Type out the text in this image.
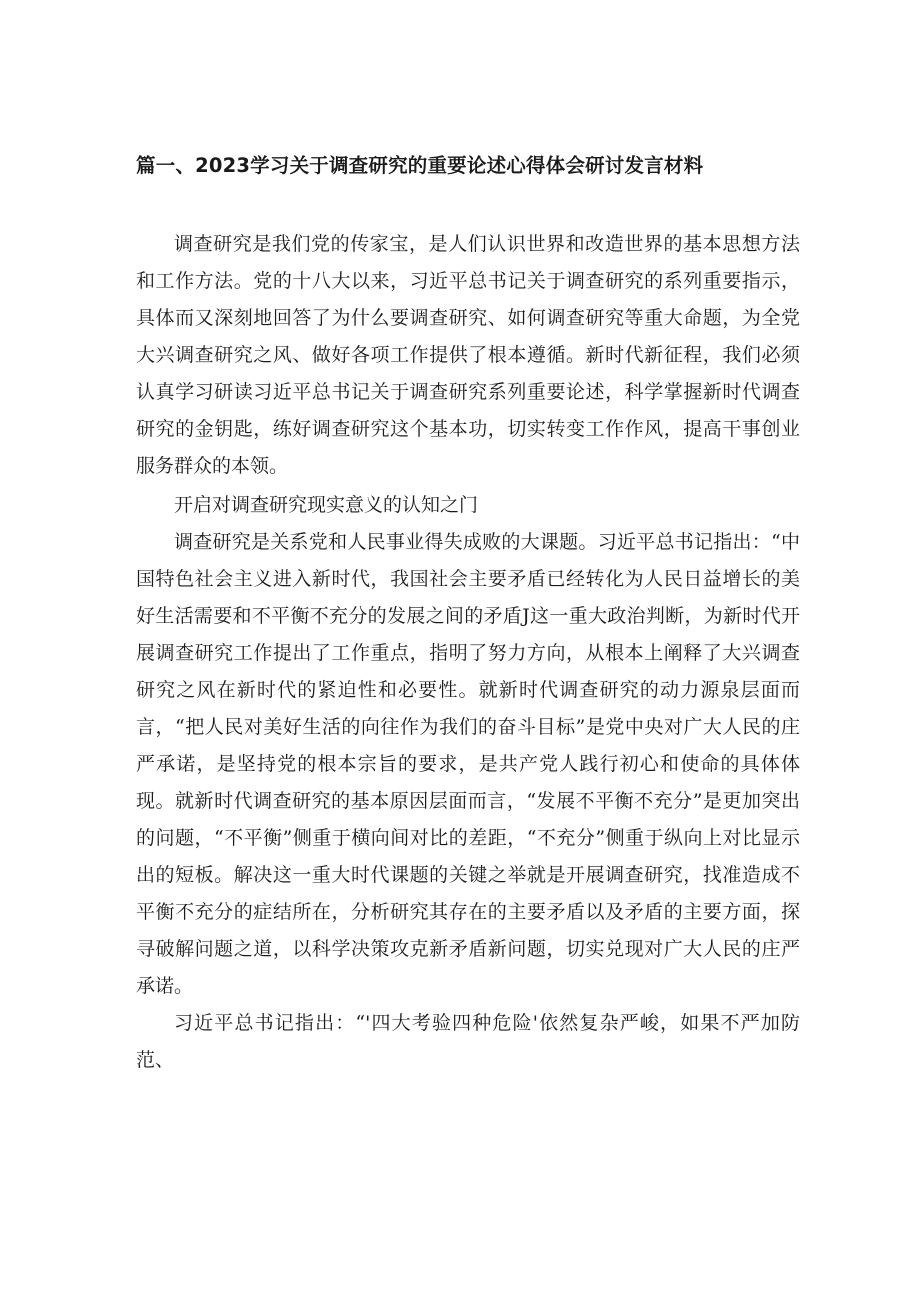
篇一、2023学习关于调查研究的重要论述心得体会研讨发言材料

调查研究是我们党的传家宝，是人们认识世界和改造世界的基本思想方法和工作方法。党的十八大以来，习近平总书记关于调查研究的系列重要指示，具体而又深刻地回答了为什么要调查研究、如何调查研究等重大命题，为全党大兴调查研究之风、做好各项工作提供了根本遵循。新时代新征程，我们必须认真学习研读习近平总书记关于调查研究系列重要论述，科学掌握新时代调查研究的金钥匙，练好调查研究这个基本功，切实转变工作作风，提高干事创业服务群众的本领。

开启对调查研究现实意义的认知之门

调查研究是关系党和人民事业得失成败的大课题。习近平总书记指出：“中国特色社会主义进入新时代，我国社会主要矛盾已经转化为人民日益增长的美好生活需要和不平衡不充分的发展之间的矛盾J这一重大政治判断，为新时代开展调查研究工作提出了工作重点，指明了努力方向，从根本上阐释了大兴调查研究之风在新时代的紧迫性和必要性。就新时代调查研究的动力源泉层面而言，“把人民对美好生活的向往作为我们的奋斗目标”是党中央对广大人民的庄严承诺，是坚持党的根本宗旨的要求，是共产党人践行初心和使命的具体体现。就新时代调查研究的基本原因层面而言，“发展不平衡不充分”是更加突出的问题，“不平衡”侧重于横向间对比的差距，“不充分”侧重于纵向上对比显示出的短板。解决这一重大时代课题的关键之举就是开展调查研究，找准造成不平衡不充分的症结所在，分析研究其存在的主要矛盾以及矛盾的主要方面，探寻破解问题之道，以科学决策攻克新矛盾新问题，切实兑现对广大人民的庄严承诺。

习近平总书记指出：“'四大考验四种危险'依然复杂严峻，如果不严加防范、
